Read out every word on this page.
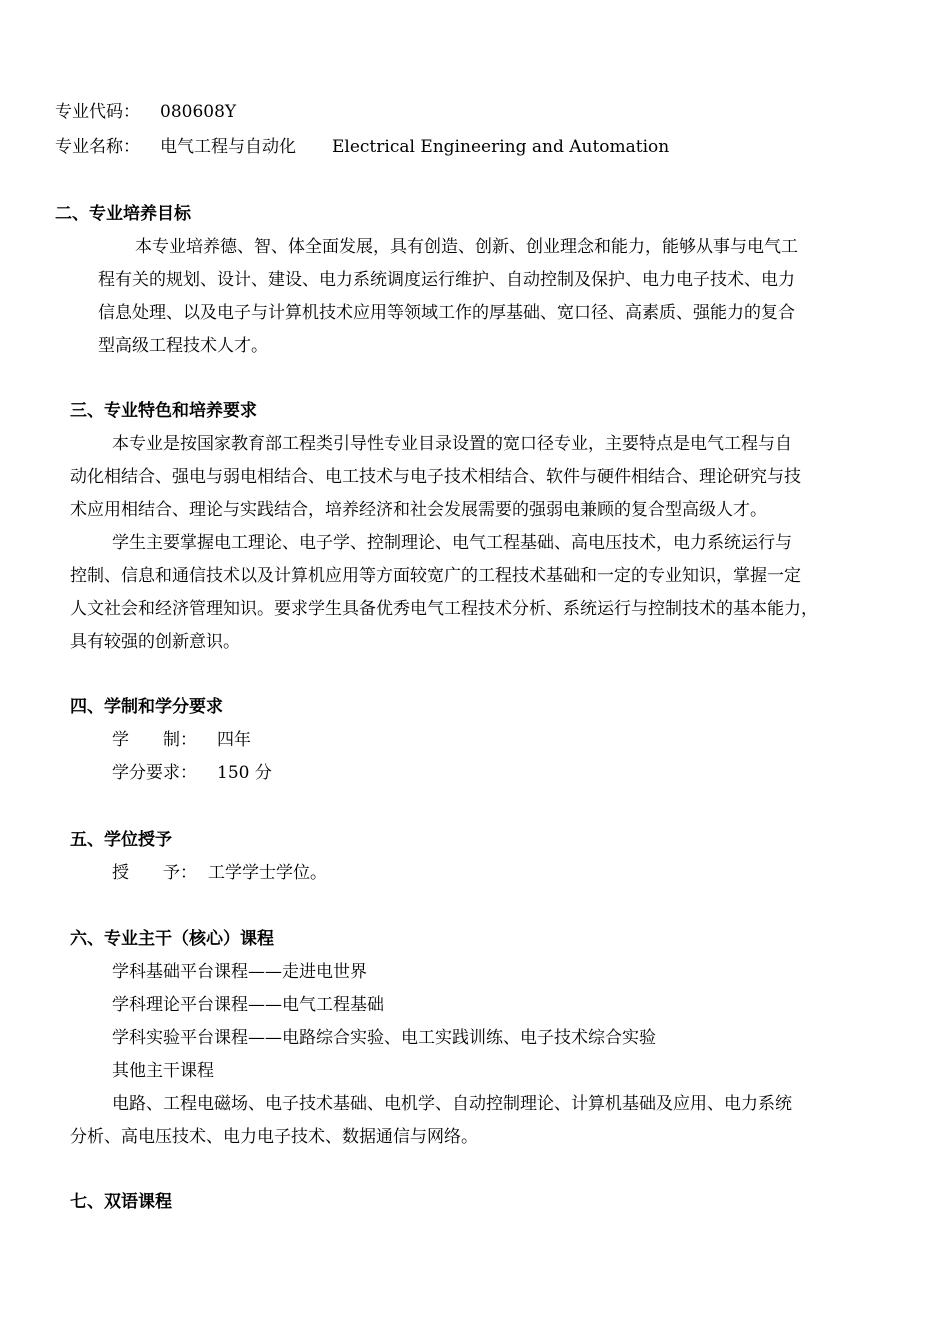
专业代码： 080608Y
专业名称： 电气工程与自动化 Electrical Engineering and Automation
二、专业培养目标
本专业培养德、智、体全面发展，具有创造、创新、创业理念和能力，能够从事与电气工
程有关的规划、设计、建设、电力系统调度运行维护、自动控制及保护、电力电子技术、电力
信息处理、以及电子与计算机技术应用等领域工作的厚基础、宽口径、高素质、强能力的复合
型高级工程技术人才。
三、专业特色和培养要求
本专业是按国家教育部工程类引导性专业目录设置的宽口径专业，主要特点是电气工程与自
动化相结合、强电与弱电相结合、电工技术与电子技术相结合、软件与硬件相结合、理论研究与技
术应用相结合、理论与实践结合，培养经济和社会发展需要的强弱电兼顾的复合型高级人才。
学生主要掌握电工理论、电子学、控制理论、电气工程基础、高电压技术，电力系统运行与
控制、信息和通信技术以及计算机应用等方面较宽广的工程技术基础和一定的专业知识，掌握一定
人文社会和经济管理知识。要求学生具备优秀电气工程技术分析、系统运行与控制技术的基本能力，
具有较强的创新意识。
四、学制和学分要求
学　　制： 四年
学分要求： 150 分
五、学位授予
授　　予： 工学学士学位。
六、专业主干（核心）课程
学科基础平台课程——走进电世界
学科理论平台课程——电气工程基础
学科实验平台课程——电路综合实验、电工实践训练、电子技术综合实验
其他主干课程
电路、工程电磁场、电子技术基础、电机学、自动控制理论、计算机基础及应用、电力系统
分析、高电压技术、电力电子技术、数据通信与网络。
七、双语课程
